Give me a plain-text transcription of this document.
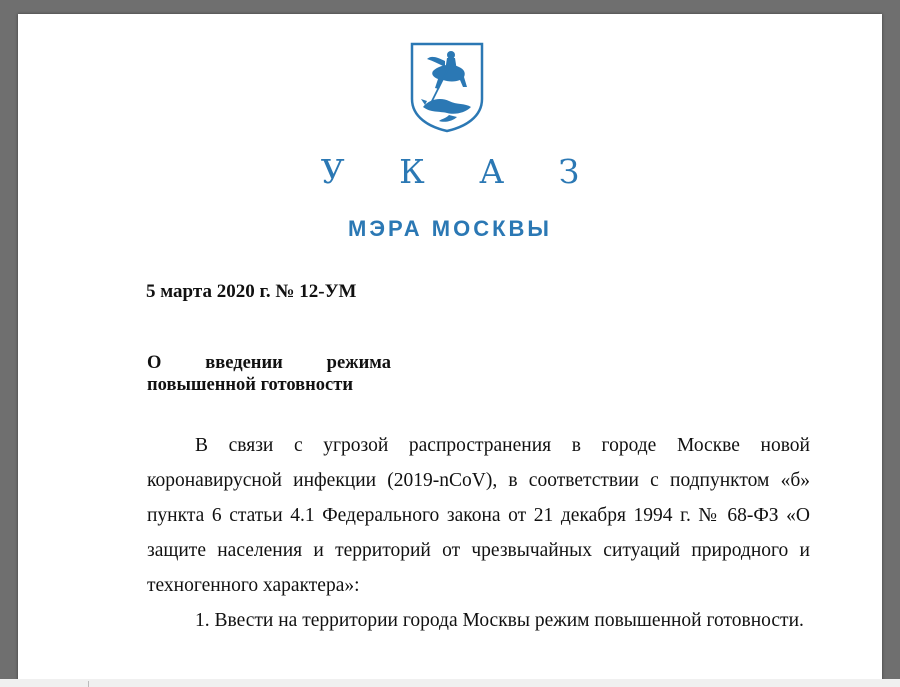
У К А З
МЭРА МОСКВЫ
5 марта 2020 г. № 12-УМ
О введении режима
повышенной готовности

В связи с угрозой распространения в городе Москве новой коронавирусной инфекции (2019-nCoV), в соответствии с подпунктом «б» пункта 6 статьи 4.1 Федерального закона от 21 декабря 1994 г. № 68-ФЗ «О защите населения и территорий от чрезвычайных ситуаций природного и техногенного характера»:

1. Ввести на территории города Москвы режим повышенной готовности.
